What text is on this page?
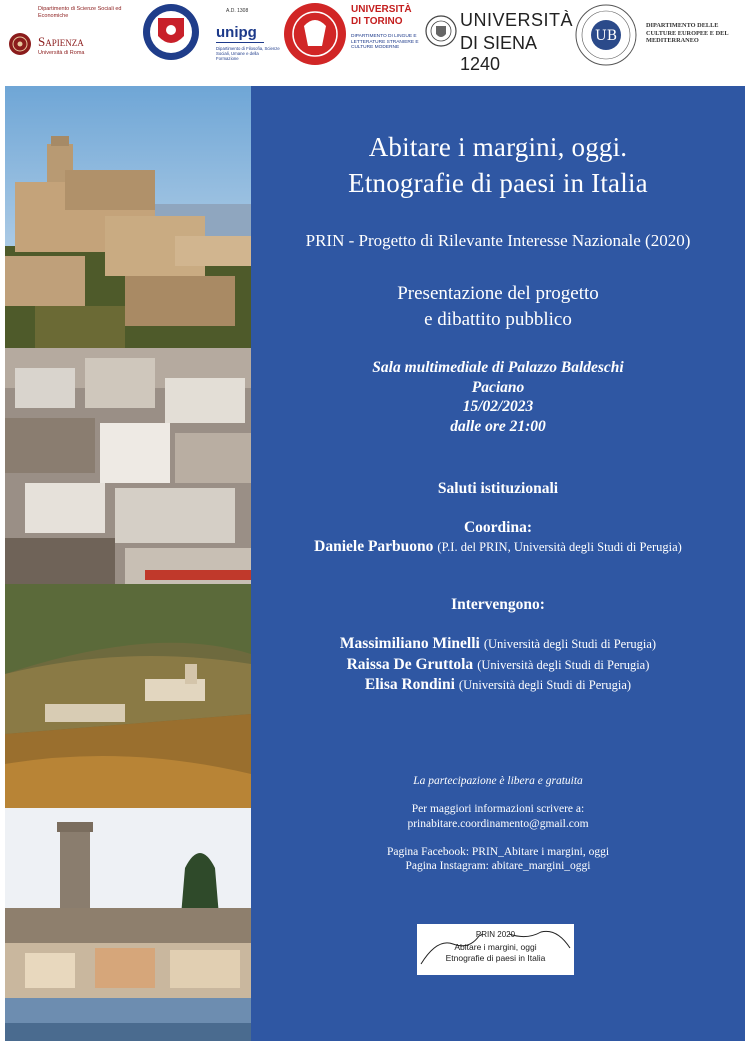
Dipartimento di Scienze Sociali ed Economiche
Sapienza
Università di Roma
A.D. 1308
unipg
Dipartimento di Filosofia, Scienze Sociali, Umane e della Formazione
UNIVERSITÀ DI TORINO
DIPARTIMENTO DI LINGUE E LETTERATURE STRANIERE E CULTURE MODERNE
UNIVERSITÀ
DI SIENA 1240
UB
DIPARTIMENTO DELLE CULTURE EUROPEE E DEL MEDITERRANEO
Abitare i margini, oggi.
Etnografie di paesi in Italia
PRIN - Progetto di Rilevante Interesse Nazionale (2020)
Presentazione del progetto
e dibattito pubblico
Sala multimediale di Palazzo Baldeschi
Paciano
15/02/2023
dalle ore 21:00
Saluti istituzionali
Coordina:
Daniele Parbuono (P.I. del PRIN, Università degli Studi di Perugia)
Intervengono:
Massimiliano Minelli (Università degli Studi di Perugia)
Raissa De Gruttola (Università degli Studi di Perugia)
Elisa Rondini (Università degli Studi di Perugia)
La partecipazione è libera e gratuita
Per maggiori informazioni scrivere a:
prinabitare.coordinamento@gmail.com
Pagina Facebook: PRIN_Abitare i margini, oggi
Pagina Instagram: abitare_margini_oggi
PRIN 2020
Abitare i margini, oggi
Etnografie di paesi in Italia
